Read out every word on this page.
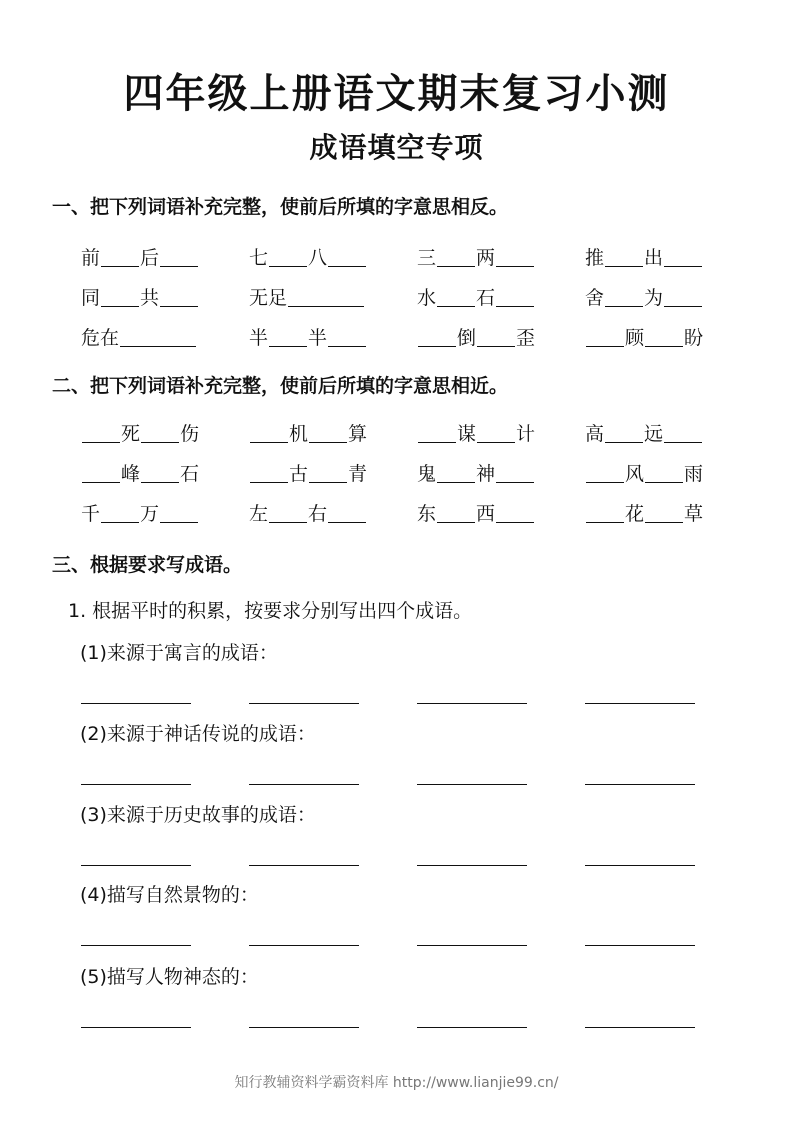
四年级上册语文期末复习小测
成语填空专项
一、把下列词语补充完整，使前后所填的字意思相反。
前 后	七 八	三 两	推 出
同 共	无足	水 石	舍 为
危在	半 半	倒 歪	顾 盼
二、把下列词语补充完整，使前后所填的字意思相近。
死 伤	机 算	谋 计	高 远
峰 石	古 青	鬼 神	风 雨
千 万	左 右	东 西	花 草
三、根据要求写成语。
1. 根据平时的积累，按要求分别写出四个成语。
(1)来源于寓言的成语：
(2)来源于神话传说的成语：
(3)来源于历史故事的成语：
(4)描写自然景物的：
(5)描写人物神态的：
知行教辅资料学霸资料库 http://www.lianjie99.cn/
